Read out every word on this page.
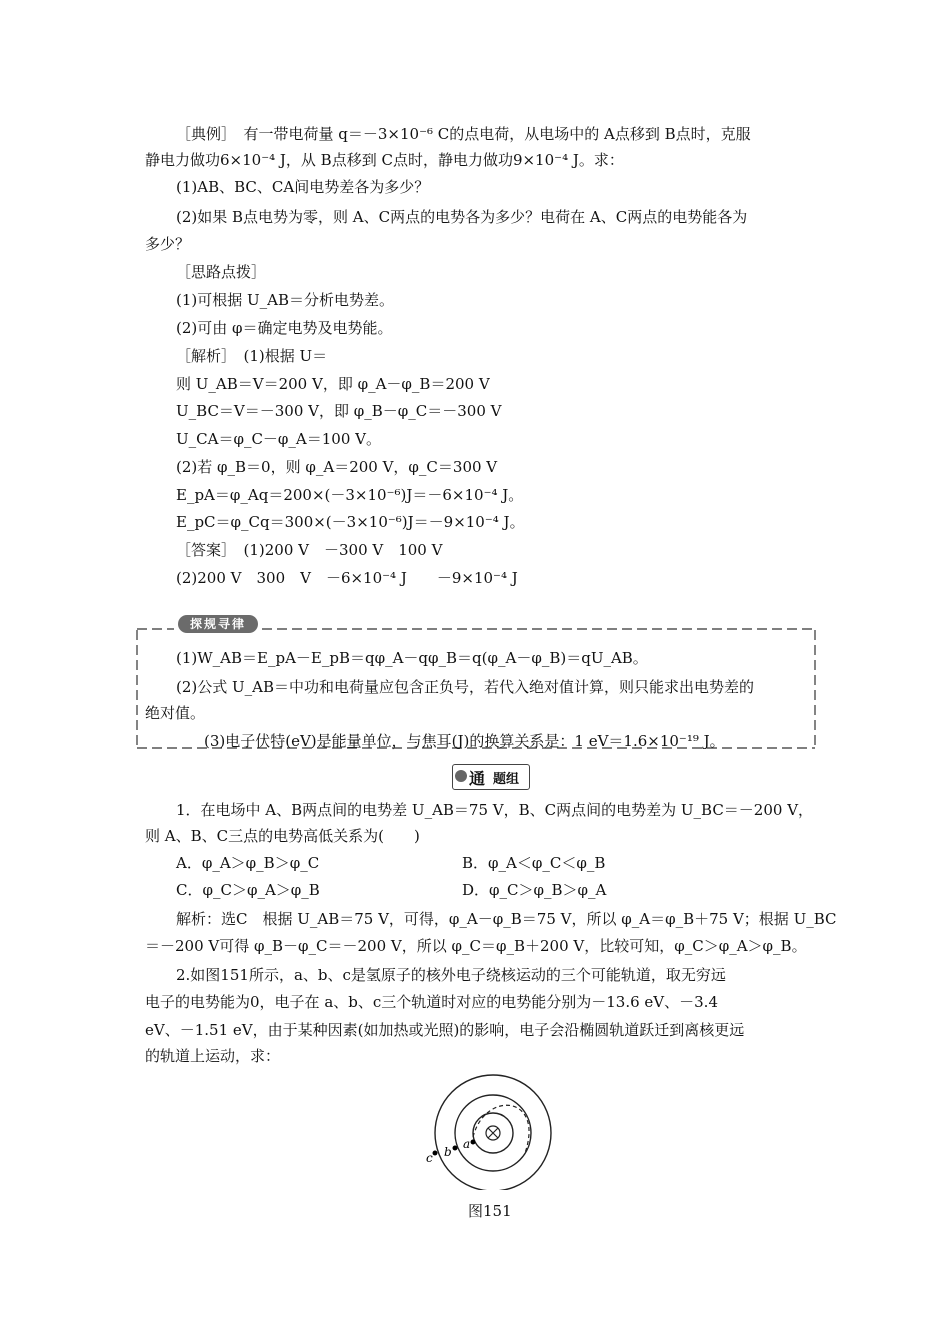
［典例］　有一带电荷量 q＝－3×10⁻⁶ C的点电荷，从电场中的 A点移到 B点时，克服
静电力做功6×10⁻⁴ J，从 B点移到 C点时，静电力做功9×10⁻⁴ J。求：
(1)AB、BC、CA间电势差各为多少？
(2)如果 B点电势为零，则 A、C两点的电势各为多少？电荷在 A、C两点的电势能各为
多少？
［思路点拨］
(1)可根据 U_AB＝分析电势差。
(2)可由 φ＝确定电势及电势能。
［解析］　(1)根据 U＝
则 U_AB＝V＝200 V，即 φ_A－φ_B＝200 V
U_BC＝V＝－300 V，即 φ_B－φ_C＝－300 V
U_CA＝φ_C－φ_A＝100 V。
(2)若 φ_B＝0，则 φ_A＝200 V，φ_C＝300 V
E_pA＝φ_Aq＝200×(－3×10⁻⁶)J＝－6×10⁻⁴ J。
E_pC＝φ_Cq＝300×(－3×10⁻⁶)J＝－9×10⁻⁴ J。
［答案］　(1)200 V　－300 V　100 V
(2)200 V　300　V　－6×10⁻⁴ J　　－9×10⁻⁴ J
探规寻律
(1)W_AB＝E_pA－E_pB＝qφ_A－qφ_B＝q(φ_A－φ_B)＝qU_AB。
(2)公式 U_AB＝中功和电荷量应包含正负号，若代入绝对值计算，则只能求出电势差的
绝对值。
(3)电子伏特(eV)是能量单位，与焦耳(J)的换算关系是：1 eV＝1.6×10⁻¹⁹ J。
通 题组
1．在电场中 A、B两点间的电势差 U_AB＝75 V，B、C两点间的电势差为 U_BC＝－200 V，
则 A、B、C三点的电势高低关系为(　　)
A．φ_A＞φ_B＞φ_C	B．φ_A＜φ_C＜φ_B
C．φ_C＞φ_A＞φ_B	D．φ_C＞φ_B＞φ_A
解析：选C　根据 U_AB＝75 V，可得，φ_A－φ_B＝75 V，所以 φ_A＝φ_B＋75 V；根据 U_BC
＝－200 V可得 φ_B－φ_C＝－200 V，所以 φ_C＝φ_B＋200 V，比较可知，φ_C＞φ_A＞φ_B。
2.如图151所示，a、b、c是氢原子的核外电子绕核运动的三个可能轨道，取无穷远
电子的电势能为0，电子在 a、b、c三个轨道时对应的电势能分别为－13.6 eV、－3.4
eV、－1.51 eV，由于某种因素(如加热或光照)的影响，电子会沿椭圆轨道跃迁到离核更远
的轨道上运动，求：
c b
a
图151
